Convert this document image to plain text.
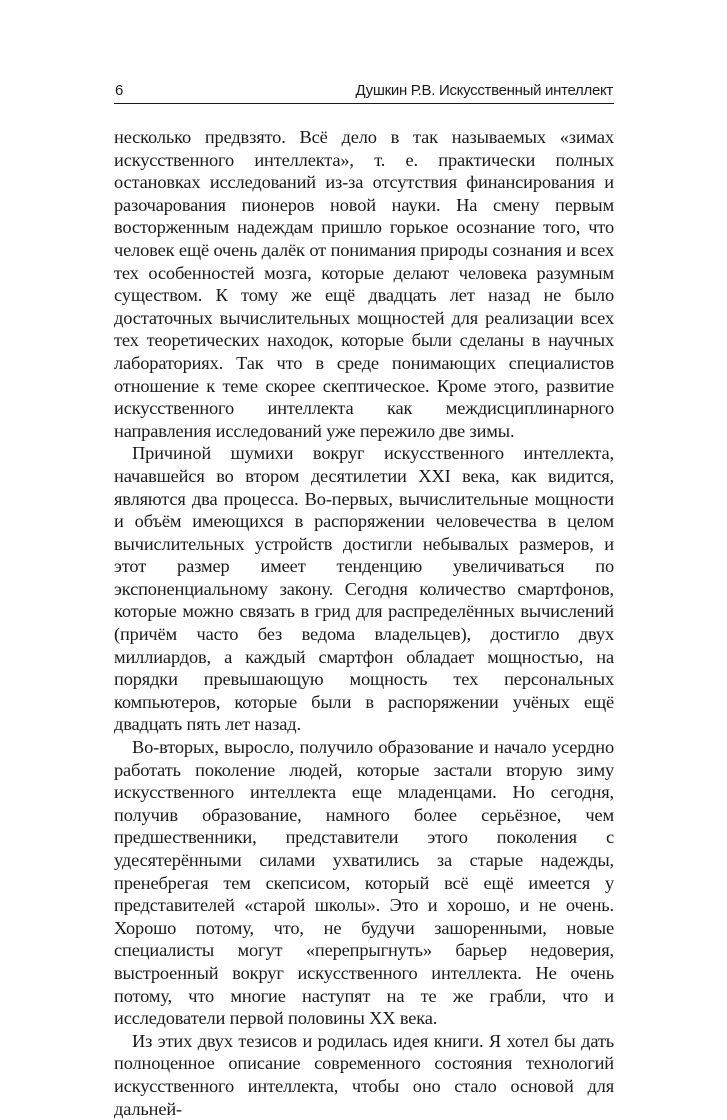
6	Душкин Р.В. Искусственный интеллект

несколько предвзято. Всё дело в так называемых «зимах искусственного интеллекта», т. е. практически полных остановках исследований из-за отсутствия финансирования и разочарования пионеров новой науки. На смену первым восторженным надеждам пришло горькое осознание того, что человек ещё очень далёк от понимания природы сознания и всех тех особенностей мозга, которые делают человека разумным существом. К тому же ещё двадцать лет назад не было достаточных вычислительных мощностей для реализации всех тех теоретических находок, которые были сделаны в научных лабораториях. Так что в среде понимающих специалистов отношение к теме скорее скептическое. Кроме этого, развитие искусственного интеллекта как междисциплинарного направления исследований уже пережило две зимы.

Причиной шумихи вокруг искусственного интеллекта, начавшейся во втором десятилетии XXI века, как видится, являются два процесса. Во-первых, вычислительные мощности и объём имеющихся в распоряжении человечества в целом вычислительных устройств достигли небывалых размеров, и этот размер имеет тенденцию увеличиваться по экспоненциальному закону. Сегодня количество смартфонов, которые можно связать в грид для распределённых вычислений (причём часто без ведома владельцев), достигло двух миллиардов, а каждый смартфон обладает мощностью, на порядки превышающую мощность тех персональных компьютеров, которые были в распоряжении учёных ещё двадцать пять лет назад.

Во-вторых, выросло, получило образование и начало усердно работать поколение людей, которые застали вторую зиму искусственного интеллекта еще младенцами. Но сегодня, получив образование, намного более серьёзное, чем предшественники, представители этого поколения с удесятерёнными силами ухватились за старые надежды, пренебрегая тем скепсисом, который всё ещё имеется у представителей «старой школы». Это и хорошо, и не очень. Хорошо потому, что, не будучи зашоренными, новые специалисты могут «перепрыгнуть» барьер недоверия, выстроенный вокруг искусственного интеллекта. Не очень потому, что многие наступят на те же грабли, что и исследователи первой половины XX века.

Из этих двух тезисов и родилась идея книги. Я хотел бы дать полноценное описание современного состояния технологий искусственного интеллекта, чтобы оно стало основой для дальней-
